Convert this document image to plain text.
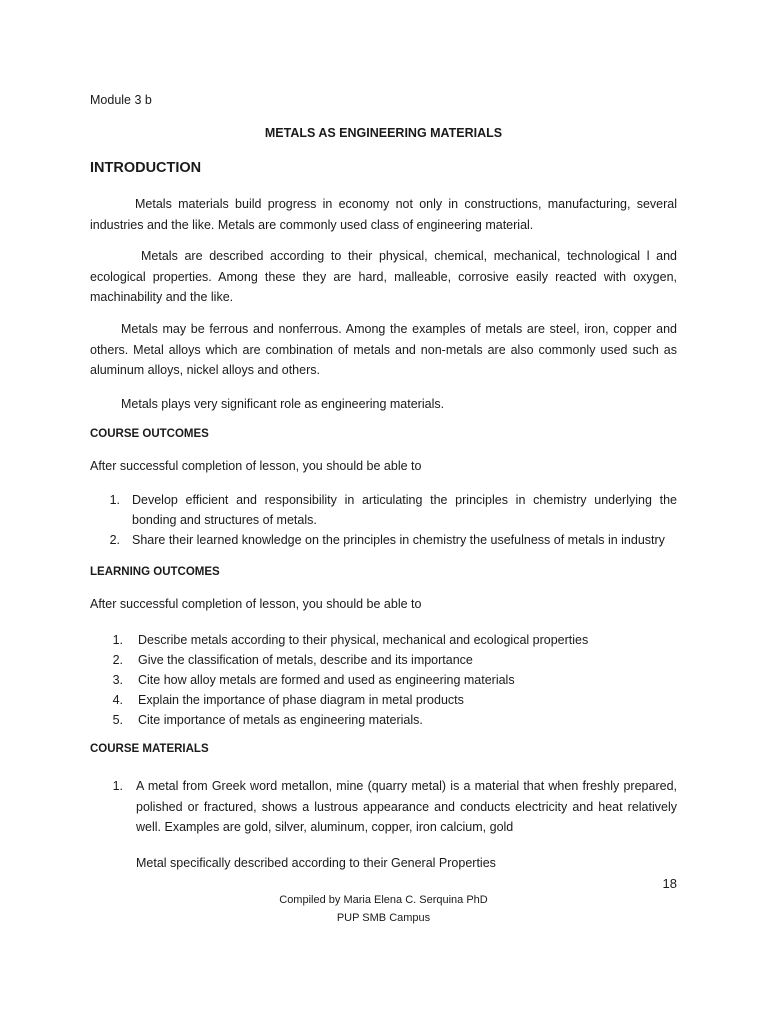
Module 3 b

METALS AS ENGINEERING MATERIALS

INTRODUCTION

Metals materials build progress in economy not only in constructions, manufacturing, several industries and the like. Metals are commonly used class of engineering material.

Metals are described according to their physical, chemical, mechanical, technological l and ecological properties. Among these they are hard, malleable, corrosive easily reacted with oxygen, machinability and the like.

Metals may be ferrous and nonferrous. Among the examples of metals are steel, iron, copper and others. Metal alloys which are combination of metals and non-metals are also commonly used such as aluminum alloys, nickel alloys and others.

Metals plays very significant role as engineering materials.

COURSE OUTCOMES

After successful completion of lesson, you should be able to

1. Develop efficient and responsibility in articulating the principles in chemistry underlying the bonding and structures of metals.
2. Share their learned knowledge on the principles in chemistry the usefulness of metals in industry

LEARNING OUTCOMES

After successful completion of lesson, you should be able to

1. Describe metals according to their physical, mechanical and ecological properties
2. Give the classification of metals, describe and its importance
3. Cite how alloy metals are formed and used as engineering materials
4. Explain the importance of phase diagram in metal products
5. Cite importance of metals as engineering materials.

COURSE MATERIALS

1. A metal from Greek word metallon, mine (quarry metal) is a material that when freshly prepared, polished or fractured, shows a lustrous appearance and conducts electricity and heat relatively well. Examples are gold, silver, aluminum, copper, iron calcium, gold

Metal specifically described according to their General Properties

18

Compiled by Maria Elena C. Serquina PhD

PUP SMB Campus
